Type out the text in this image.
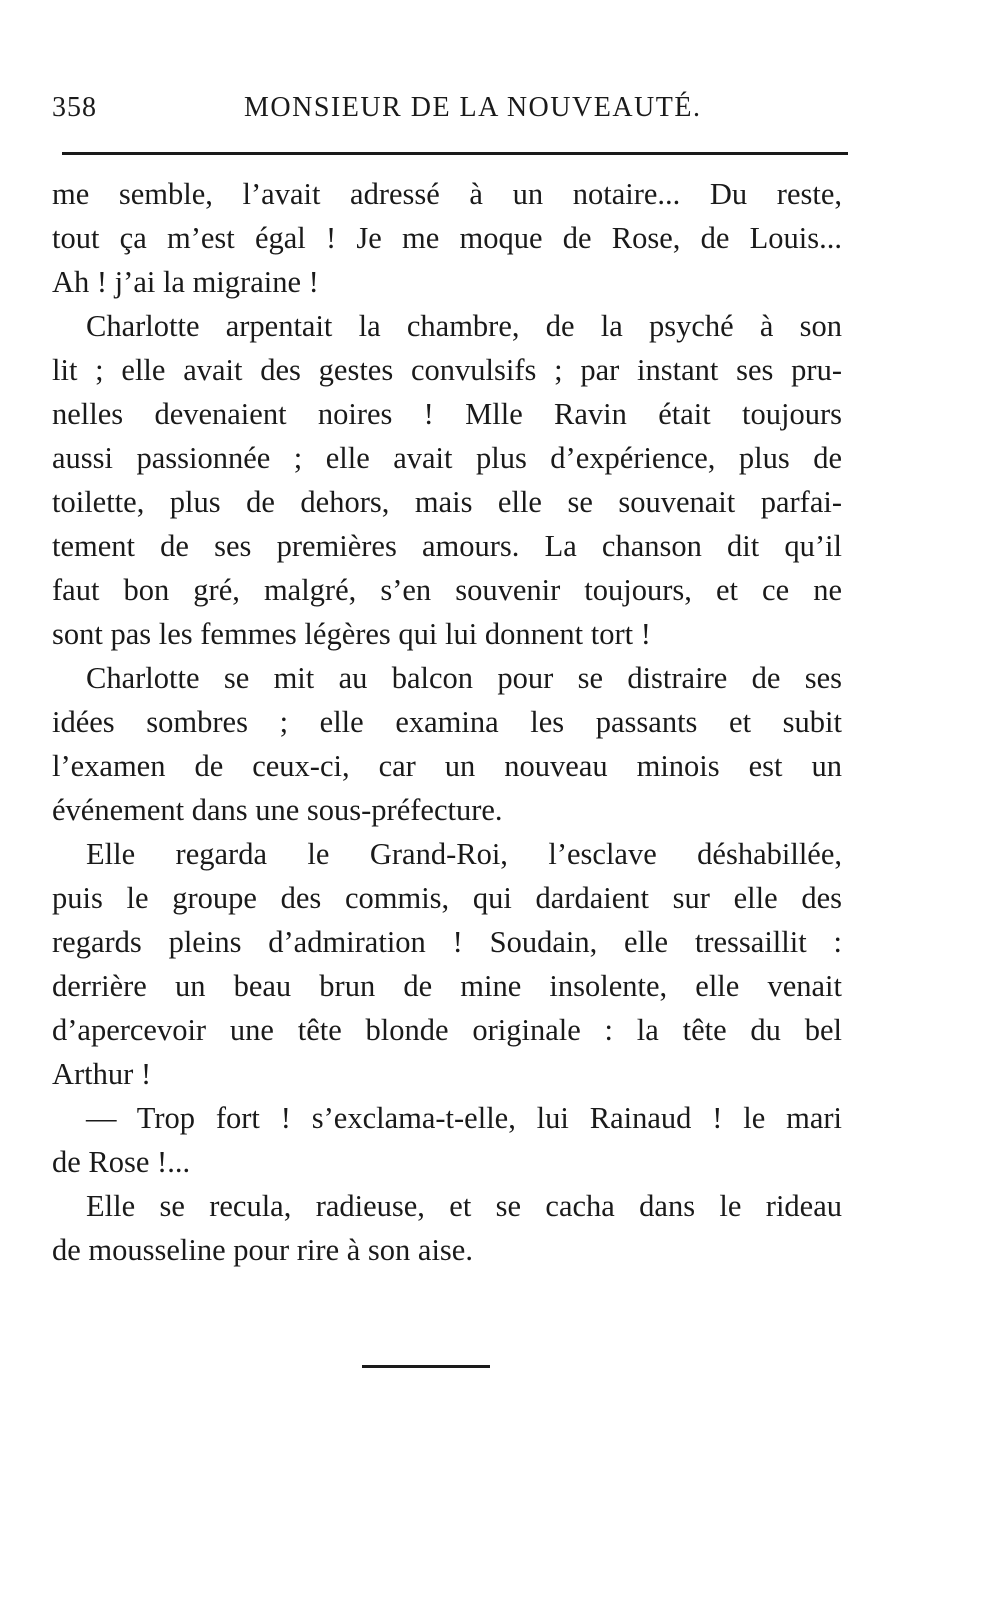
358	MONSIEUR DE LA NOUVEAUTÉ.

me semble, l’avait adressé à un notaire... Du reste,
tout ça m’est égal ! Je me moque de Rose, de Louis...
Ah ! j’ai la migraine !

Charlotte arpentait la chambre, de la psyché à son
lit ; elle avait des gestes convulsifs ; par instant ses pru-
nelles devenaient noires ! Mlle Ravin était toujours
aussi passionnée ; elle avait plus d’expérience, plus de
toilette, plus de dehors, mais elle se souvenait parfai-
tement de ses premières amours. La chanson dit qu’il
faut bon gré, malgré, s’en souvenir toujours, et ce ne
sont pas les femmes légères qui lui donnent tort !

Charlotte se mit au balcon pour se distraire de ses
idées sombres ; elle examina les passants et subit
l’examen de ceux-ci, car un nouveau minois est un
événement dans une sous-préfecture.

Elle regarda le Grand-Roi, l’esclave déshabillée,
puis le groupe des commis, qui dardaient sur elle des
regards pleins d’admiration ! Soudain, elle tressaillit :
derrière un beau brun de mine insolente, elle venait
d’apercevoir une tête blonde originale : la tête du bel
Arthur !

— Trop fort ! s’exclama-t-elle, lui Rainaud ! le mari
de Rose !...

Elle se recula, radieuse, et se cacha dans le rideau
de mousseline pour rire à son aise.
